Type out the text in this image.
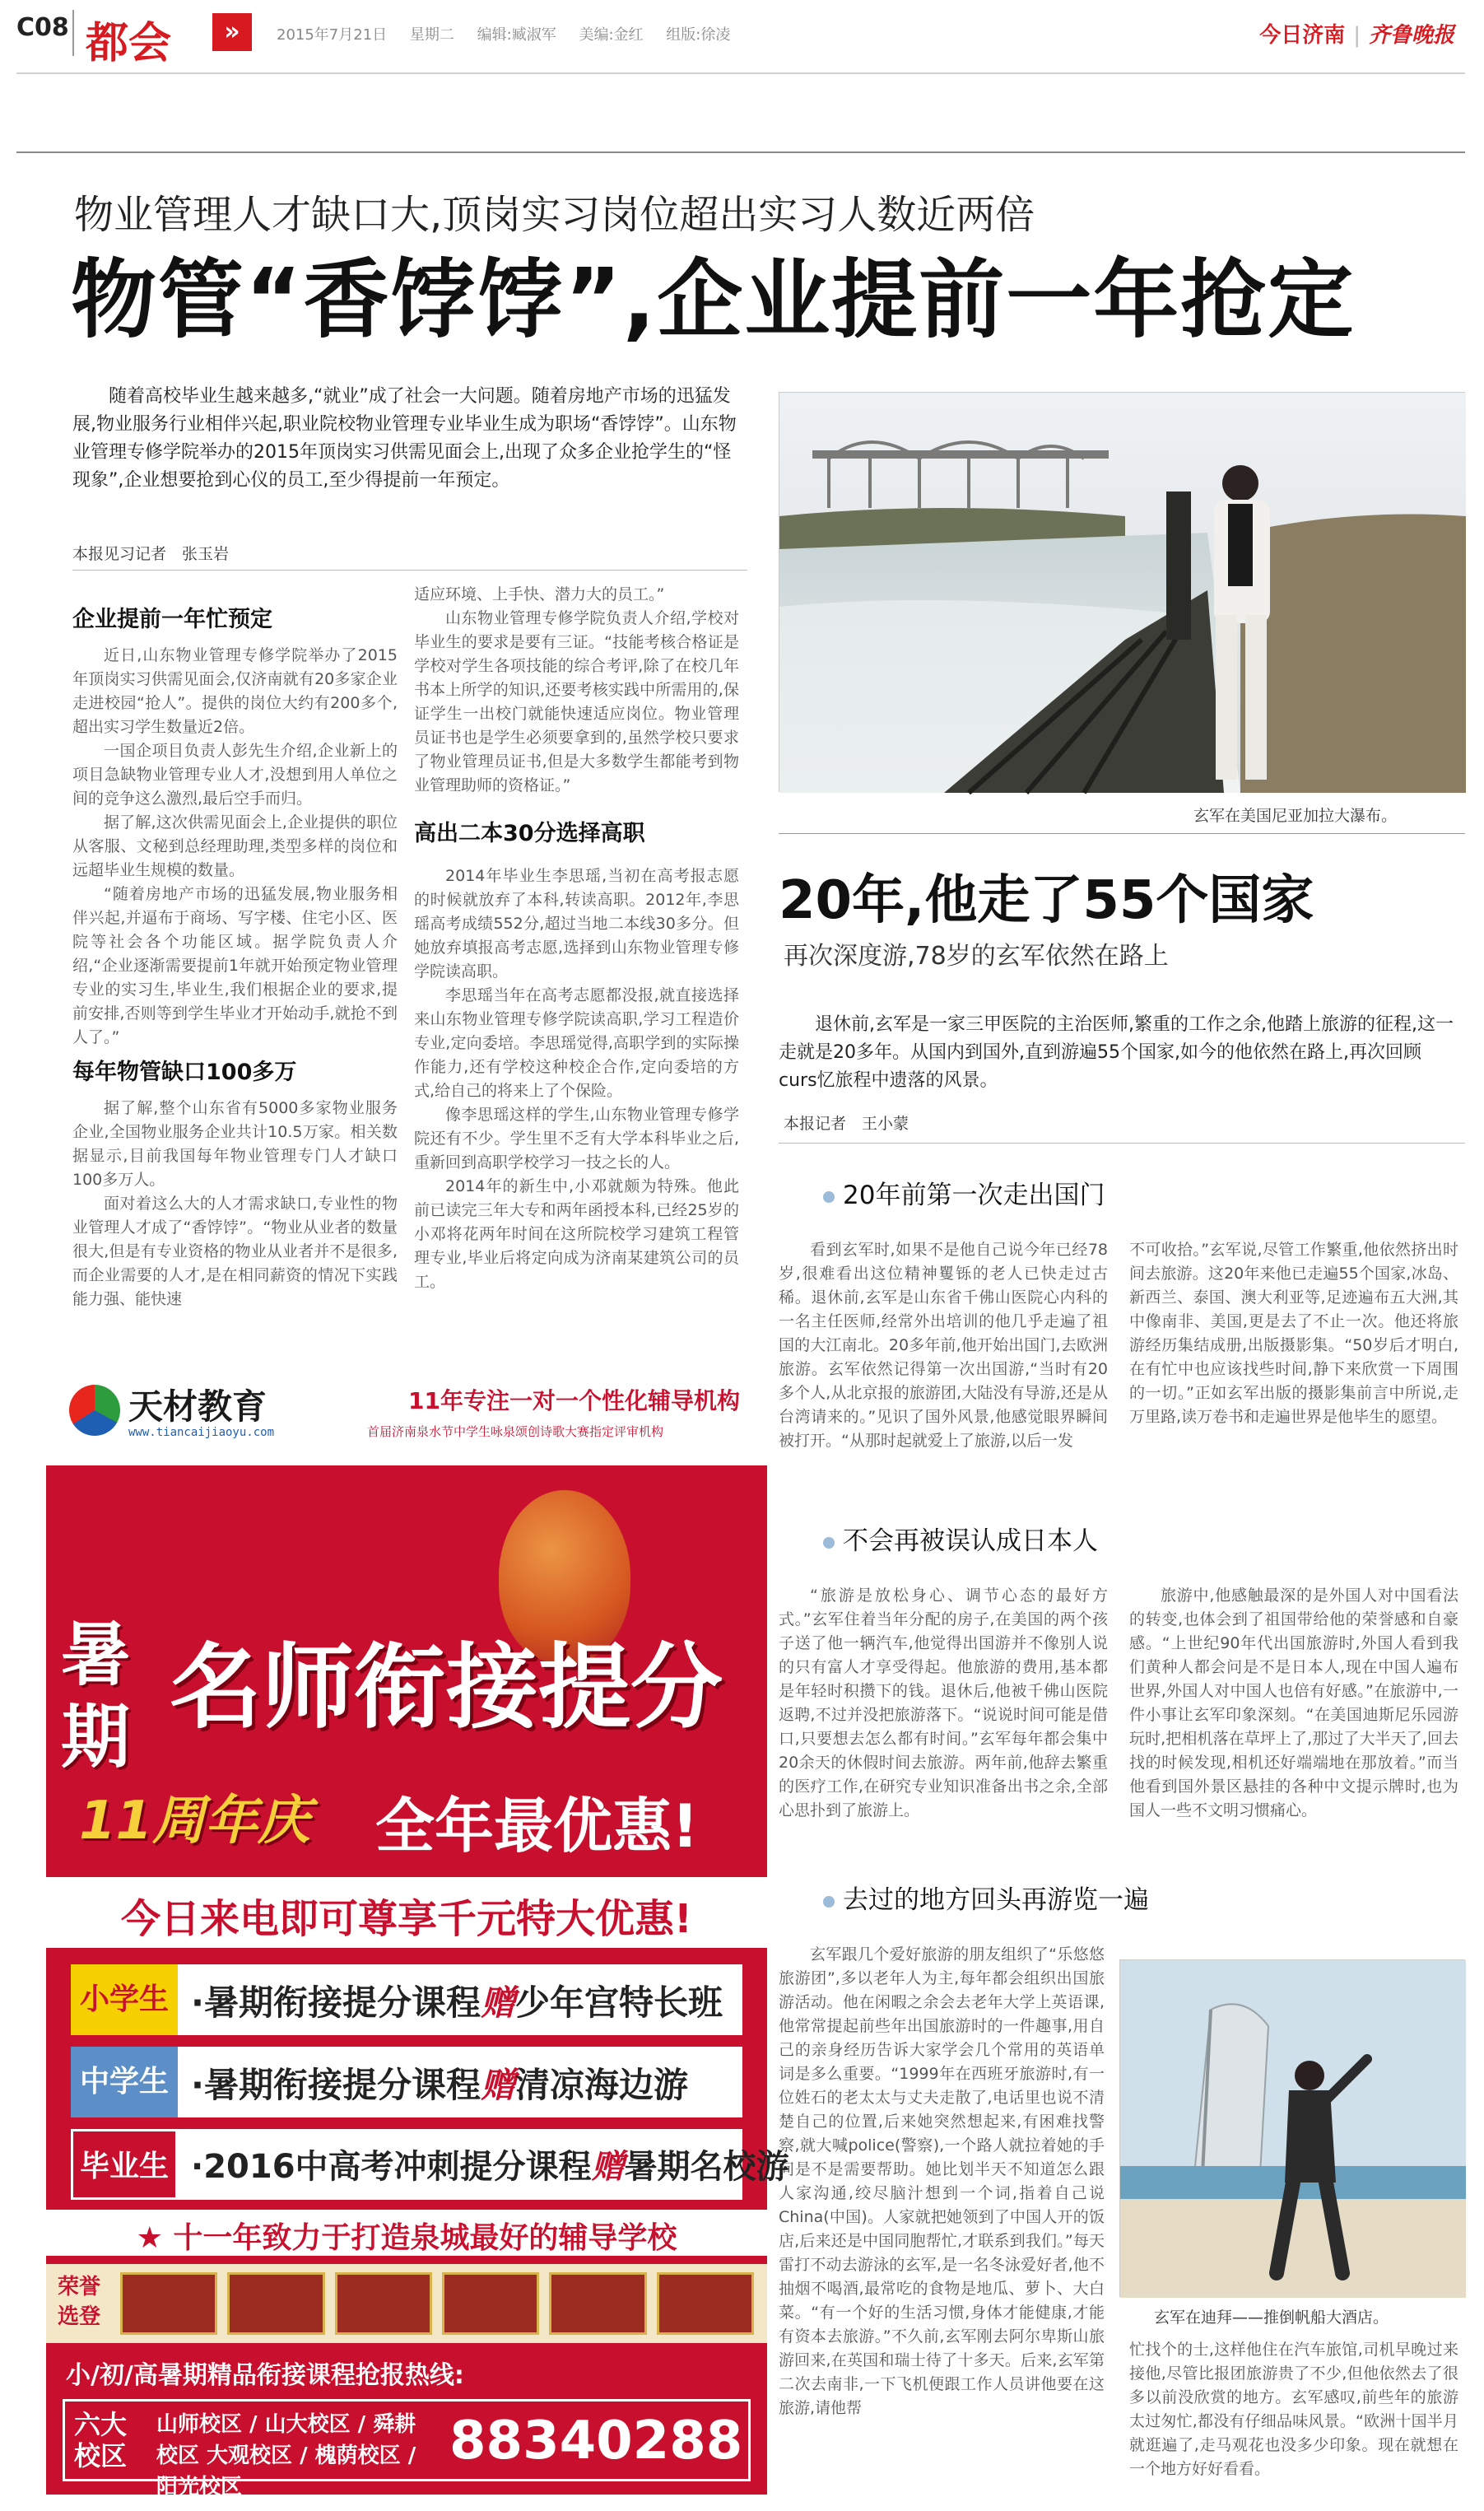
C08 都会	»	2015年7月21日 星期二 编辑:臧淑军 美编:金红 组版:徐凌	今日济南 | 齐鲁晚报
物业管理人才缺口大,顶岗实习岗位超出实习人数近两倍
物管“香饽饽”,企业提前一年抢定
随着高校毕业生越来越多,“就业”成了社会一大问题。随着房地产市场的迅猛发展,物业服务行业相伴兴起,职业院校物业管理专业毕业生成为职场“香饽饽”。山东物业管理专修学院举办的2015年顶岗实习供需见面会上,出现了众多企业抢学生的“怪现象”,企业想要抢到心仪的员工,至少得提前一年预定。
本报见习记者　张玉岩
企业提前一年忙预定

近日,山东物业管理专修学院举办了2015年顶岗实习供需见面会,仅济南就有20多家企业走进校园“抢人”。提供的岗位大约有200多个,超出实习学生数量近2倍。

一国企项目负责人彭先生介绍,企业新上的项目急缺物业管理专业人才,没想到用人单位之间的竞争这么激烈,最后空手而归。

据了解,这次供需见面会上,企业提供的职位从客服、文秘到总经理助理,类型多样的岗位和远超毕业生规模的数量。

“随着房地产市场的迅猛发展,物业服务相伴兴起,并逼布于商场、写字楼、住宅小区、医院等社会各个功能区域。据学院负责人介绍,“企业逐渐需要提前1年就开始预定物业管理专业的实习生,毕业生,我们根据企业的要求,提前安排,否则等到学生毕业才开始动手,就抢不到人了。”

每年物管缺口100多万

据了解,整个山东省有5000多家物业服务企业,全国物业服务企业共计10.5万家。相关数据显示,目前我国每年物业管理专门人才缺口100多万人。

面对着这么大的人才需求缺口,专业性的物业管理人才成了“香饽饽”。“物业从业者的数量很大,但是有专业资格的物业从业者并不是很多,而企业需要的人才,是在相同薪资的情况下实践能力强、能快速

适应环境、上手快、潜力大的员工。”

山东物业管理专修学院负责人介绍,学校对毕业生的要求是要有三证。“技能考核合格证是学校对学生各项技能的综合考评,除了在校几年书本上所学的知识,还要考核实践中所需用的,保证学生一出校门就能快速适应岗位。物业管理员证书也是学生必须要拿到的,虽然学校只要求了物业管理员证书,但是大多数学生都能考到物业管理助师的资格证。”

高出二本30分选择高职

2014年毕业生李思瑶,当初在高考报志愿的时候就放弃了本科,转读高职。2012年,李思瑶高考成绩552分,超过当地二本线30多分。但她放弃填报高考志愿,选择到山东物业管理专修学院读高职。

李思瑶当年在高考志愿都没报,就直接选择来山东物业管理专修学院读高职,学习工程造价专业,定向委培。李思瑶觉得,高职学到的实际操作能力,还有学校这种校企合作,定向委培的方式,给自己的将来上了个保险。

像李思瑶这样的学生,山东物业管理专修学院还有不少。学生里不乏有大学本科毕业之后,重新回到高职学校学习一技之长的人。

2014年的新生中,小邓就颇为特殊。他此前已读完三年大专和两年函授本科,已经25岁的小邓将花两年时间在这所院校学习建筑工程管理专业,毕业后将定向成为济南某建筑公司的员工。

玄军在美国尼亚加拉大瀑布。
20年,他走了55个国家
再次深度游,78岁的玄军依然在路上
退休前,玄军是一家三甲医院的主治医师,繁重的工作之余,他踏上旅游的征程,这一走就是20多年。从国内到国外,直到游遍55个国家,如今的他依然在路上,再次回顾curs忆旅程中遗落的风景。
本报记者　王小蒙
20年前第一次走出国门
看到玄军时,如果不是他自己说今年已经78岁,很难看出这位精神矍铄的老人已快走过古稀。退休前,玄军是山东省千佛山医院心内科的一名主任医师,经常外出培训的他几乎走遍了祖国的大江南北。20多年前,他开始出国门,去欧洲旅游。玄军依然记得第一次出国游,“当时有20多个人,从北京报的旅游团,大陆没有导游,还是从台湾请来的。”见识了国外风景,他感觉眼界瞬间被打开。“从那时起就爱上了旅游,以后一发
不可收拾。”玄军说,尽管工作繁重,他依然挤出时间去旅游。这20年来他已走遍55个国家,冰岛、新西兰、泰国、澳大利亚等,足迹遍布五大洲,其中像南非、美国,更是去了不止一次。他还将旅游经历集结成册,出版摄影集。“50岁后才明白,在有忙中也应该找些时间,静下来欣赏一下周围的一切。”正如玄军出版的摄影集前言中所说,走万里路,读万卷书和走遍世界是他毕生的愿望。
不会再被误认成日本人
“旅游是放松身心、调节心态的最好方式。”玄军住着当年分配的房子,在美国的两个孩子送了他一辆汽车,他觉得出国游并不像别人说的只有富人才享受得起。他旅游的费用,基本都是年轻时积攒下的钱。退休后,他被千佛山医院返聘,不过并没把旅游落下。“说说时间可能是借口,只要想去怎么都有时间。”玄军每年都会集中20余天的休假时间去旅游。两年前,他辞去繁重的医疗工作,在研究专业知识准备出书之余,全部心思扑到了旅游上。
旅游中,他感触最深的是外国人对中国看法的转变,也体会到了祖国带给他的荣誉感和自豪感。“上世纪90年代出国旅游时,外国人看到我们黄种人都会问是不是日本人,现在中国人遍布世界,外国人对中国人也倍有好感。”在旅游中,一件小事让玄军印象深刻。“在美国迪斯尼乐园游玩时,把相机落在草坪上了,那过了大半天了,回去找的时候发现,相机还好端端地在那放着。”而当他看到国外景区悬挂的各种中文提示牌时,也为国人一些不文明习惯痛心。
去过的地方回头再游览一遍
玄军跟几个爱好旅游的朋友组织了“乐悠悠旅游团”,多以老年人为主,每年都会组织出国旅游活动。他在闲暇之余会去老年大学上英语课,他常常提起前些年出国旅游时的一件趣事,用自己的亲身经历告诉大家学会几个常用的英语单词是多么重要。“1999年在西班牙旅游时,有一位姓石的老太太与丈夫走散了,电话里也说不清楚自己的位置,后来她突然想起来,有困难找警察,就大喊police(警察),一个路人就拉着她的手问是不是需要帮助。她比划半天不知道怎么跟人家沟通,绞尽脑汁想到一个词,指着自己说China(中国)。人家就把她领到了中国人开的饭店,后来还是中国同胞帮忙,才联系到我们。”每天雷打不动去游泳的玄军,是一名冬泳爱好者,他不抽烟不喝酒,最常吃的食物是地瓜、萝卜、大白菜。“有一个好的生活习惯,身体才能健康,才能有资本去旅游。”不久前,玄军刚去阿尔卑斯山旅游回来,在英国和瑞士待了十多天。后来,玄军第二次去南非,一下飞机便跟工作人员讲他要在这旅游,请他帮
玄军在迪拜——推倒帆船大酒店。
忙找个的士,这样他住在汽车旅馆,司机早晚过来接他,尽管比报团旅游贵了不少,但他依然去了很多以前没欣赏的地方。玄军感叹,前些年的旅游太过匆忙,都没有仔细品味风景。“欧洲十国半月就逛遍了,走马观花也没多少印象。现在就想在一个地方好好看看。
天材教育
www.tiancaijiaoyu.com
11年专注一对一个性化辅导机构
首届济南泉水节中学生咏泉颂创诗歌大赛指定评审机构
暑期 名师衔接提分
11周年庆 全年最优惠!
今日来电即可尊享千元特大优惠!
小学生 ·暑期衔接提分课程赠少年宫特长班
中学生 ·暑期衔接提分课程赠清凉海边游
毕业生 ·2016中高考冲刺提分课程赠暑期名校游
★ 十一年致力于打造泉城最好的辅导学校
荣誉选登
小/初/高暑期精品衔接课程抢报热线:
六大校区
山师校区 / 山大校区 / 舜耕校区 大观校区 / 槐荫校区 / 阳光校区
88340288
